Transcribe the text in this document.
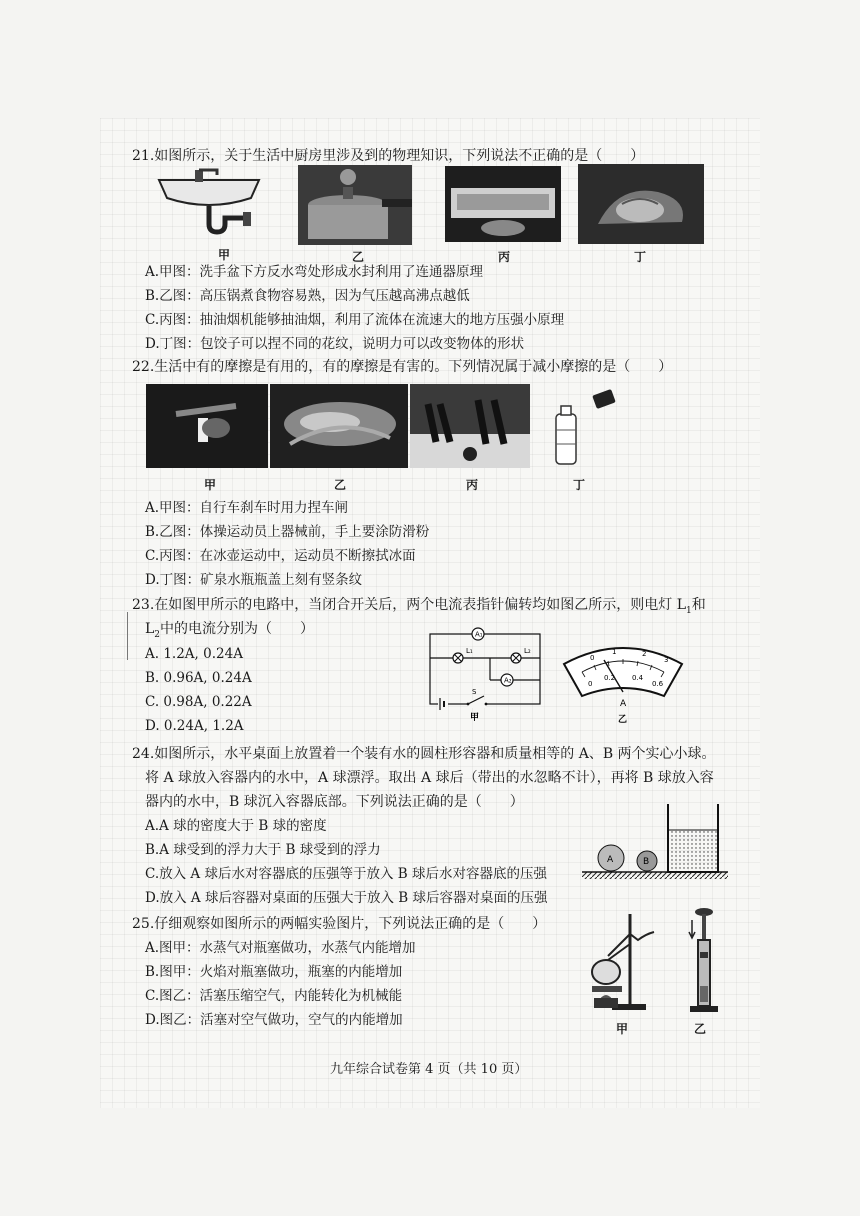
21.如图所示，关于生活中厨房里涉及到的物理知识，下列说法不正确的是（　　）
甲	乙	丙	丁
A.甲图：洗手盆下方反水弯处形成水封利用了连通器原理
B.乙图：高压锅煮食物容易熟，因为气压越高沸点越低
C.丙图：抽油烟机能够抽油烟，利用了流体在流速大的地方压强小原理
D.丁图：包饺子可以捏不同的花纹，说明力可以改变物体的形状
22.生活中有的摩擦是有用的，有的摩擦是有害的。下列情况属于减小摩擦的是（　　）
甲	乙	丙	丁
A.甲图：自行车刹车时用力捏车闸
B.乙图：体操运动员上器械前，手上要涂防滑粉
C.丙图：在冰壶运动中，运动员不断擦拭冰面
D.丁图：矿泉水瓶瓶盖上刻有竖条纹
23.在如图甲所示的电路中，当闭合开关后，两个电流表指针偏转均如图乙所示，则电灯 $L_1$和
$L_2$中的电流分别为（　　）
A. 1.2A, 0.24A
B. 0.96A, 0.24A
C. 0.98A, 0.22A
D. 0.24A, 1.2A
A₁
A₂
L₁	L₂
S
甲
0
1	2
3
0
0.2 0.4
0.6
A
乙
24.如图所示，水平桌面上放置着一个装有水的圆柱形容器和质量相等的 A、B 两个实心小球。
将 A 球放入容器内的水中，A 球漂浮。取出 A 球后（带出的水忽略不计），再将 B 球放入容
器内的水中，B 球沉入容器底部。下列说法正确的是（　　）
A.A 球的密度大于 B 球的密度
B.A 球受到的浮力大于 B 球受到的浮力
C.放入 A 球后水对容器底的压强等于放入 B 球后水对容器底的压强
D.放入 A 球后容器对桌面的压强大于放入 B 球后容器对桌面的压强
A	B
25.仔细观察如图所示的两幅实验图片，下列说法正确的是（　　）
A.图甲：水蒸气对瓶塞做功，水蒸气内能增加
B.图甲：火焰对瓶塞做功，瓶塞的内能增加
C.图乙：活塞压缩空气，内能转化为机械能
D.图乙：活塞对空气做功，空气的内能增加
甲	乙
九年综合试卷第 4 页（共 10 页）
